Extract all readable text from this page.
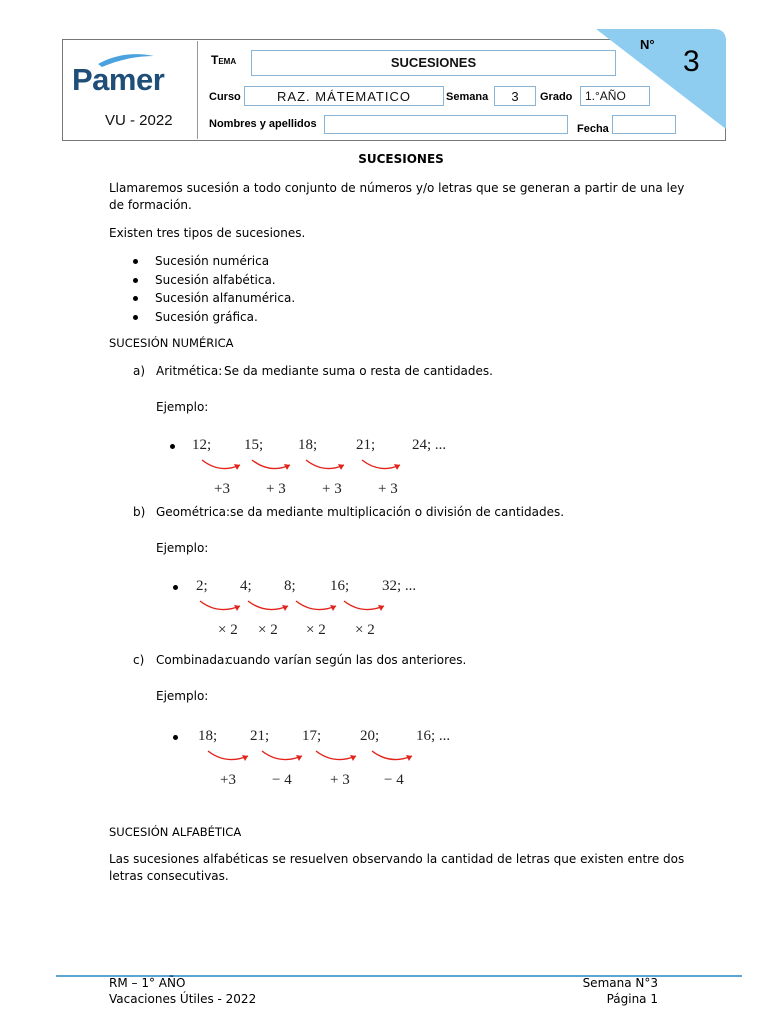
Pamer
VU - 2022
Tema	SUCESIONES
Curso	RAZ. MÁTEMATICO	Semana	3	Grado	1.°AÑO
Nombres y apellidos	Fecha
N°
3
SUCESIONES
Llamaremos sucesión a todo conjunto de números y/o letras que se generan a partir de una ley de formación.
Existen tres tipos de sucesiones.
Sucesión numérica
Sucesión alfabética.
Sucesión alfanumérica.
Sucesión gráfica.
SUCESIÓN NUMÉRICA
a) Aritmética: Se da mediante suma o resta de cantidades.
Ejemplo:
12; 15; 18;	21; 24; ...
+3 + 3 + 3 + 3
b) Geométrica: se da mediante multiplicación o división de cantidades.
Ejemplo:
2; 4; 8; 16; 32; ...
× 2 × 2 × 2 × 2
c) Combinada:
cuando varían según las dos anteriores.
Ejemplo:
18; 21; 17;	20; 16; ...
+3 − 4	+ 3 − 4
SUCESIÓN ALFABÉTICA
Las sucesiones alfabéticas se resuelven observando la cantidad de letras que existen entre dos letras consecutivas.
RM – 1° AÑO
Vacaciones Útiles - 2022
Semana N°3
Página 1
